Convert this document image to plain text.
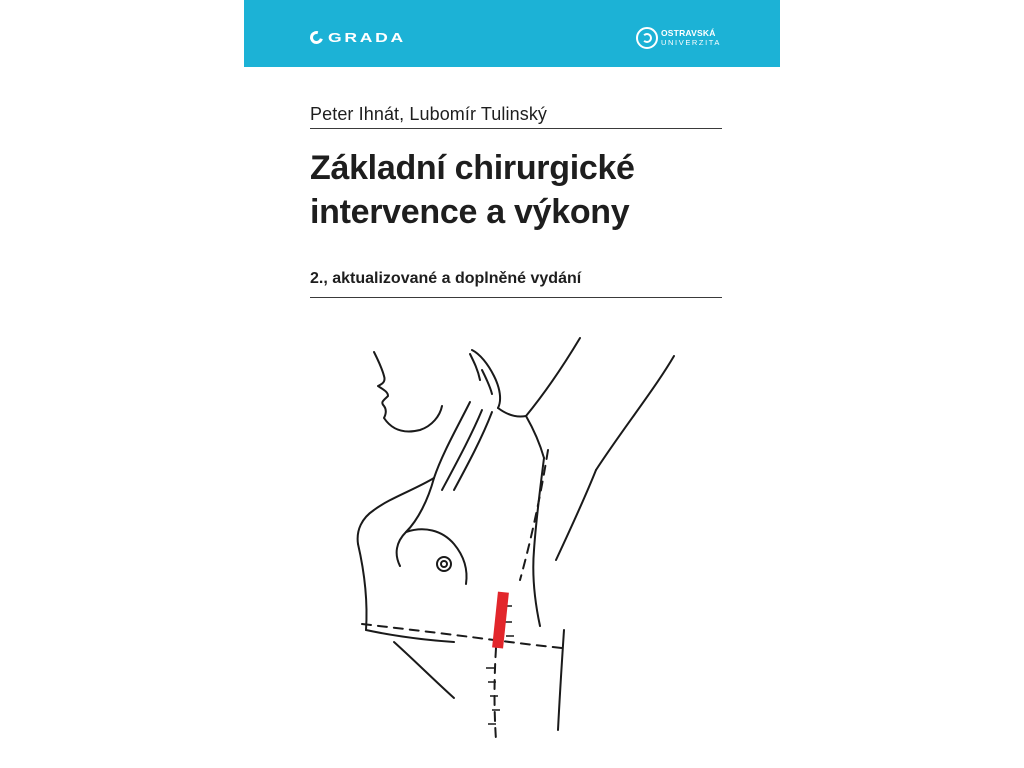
GRADA	OSTRAVSKÁ
UNIVERZITA
Peter Ihnát, Lubomír Tulinský
Základní chirurgické
intervence a výkony
2., aktualizované a doplněné vydání
